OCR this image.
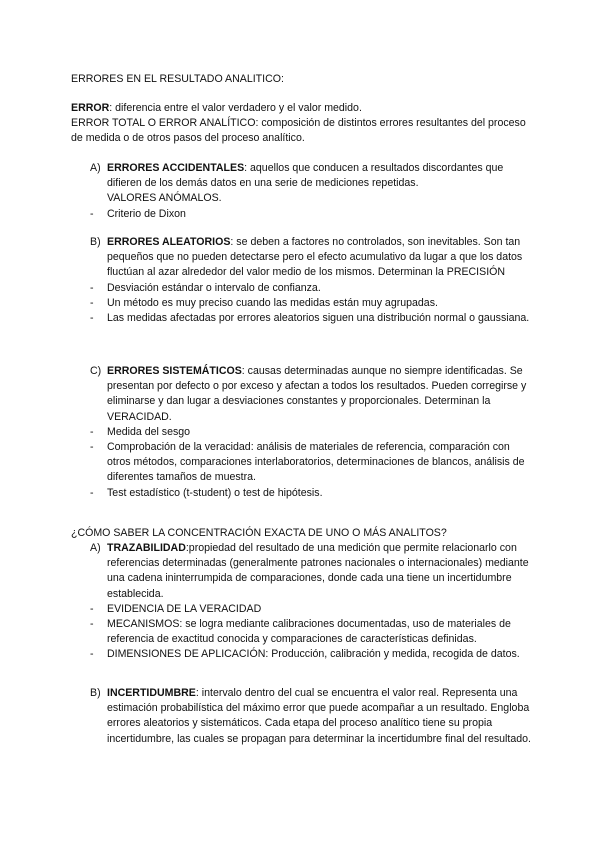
ERRORES EN EL RESULTADO ANALITICO:

ERROR: diferencia entre el valor verdadero y el valor medido.

ERROR TOTAL O ERROR ANALÍTICO: composición de distintos errores resultantes del proceso de medida o de otros pasos del proceso analítico.

A) ERRORES ACCIDENTALES: aquellos que conducen a resultados discordantes que difieren de los demás datos en una serie de mediciones repetidas.

VALORES ANÓMALOS.

- Criterio de Dixon

B) ERRORES ALEATORIOS: se deben a factores no controlados, son inevitables. Son tan pequeños que no pueden detectarse pero el efecto acumulativo da lugar a que los datos fluctúan al azar alrededor del valor medio de los mismos. Determinan la PRECISIÓN

- Desviación estándar o intervalo de confianza.

- Un método es muy preciso cuando las medidas están muy agrupadas.

- Las medidas afectadas por errores aleatorios siguen una distribución normal o gaussiana.

C) ERRORES SISTEMÁTICOS: causas determinadas aunque no siempre identificadas. Se presentan por defecto o por exceso y afectan a todos los resultados. Pueden corregirse y eliminarse y dan lugar a desviaciones constantes y proporcionales. Determinan la VERACIDAD.

- Medida del sesgo

- Comprobación de la veracidad: análisis de materiales de referencia, comparación con otros métodos, comparaciones interlaboratorios, determinaciones de blancos, análisis de diferentes tamaños de muestra.

- Test estadístico (t-student) o test de hipótesis.

¿CÓMO SABER LA CONCENTRACIÓN EXACTA DE UNO O MÁS ANALITOS?

A) TRAZABILIDAD:propiedad del resultado de una medición que permite relacionarlo con referencias determinadas (generalmente patrones nacionales o internacionales) mediante una cadena ininterrumpida de comparaciones, donde cada una tiene un incertidumbre establecida.

- EVIDENCIA DE LA VERACIDAD

- MECANISMOS: se logra mediante calibraciones documentadas, uso de materiales de referencia de exactitud conocida y comparaciones de características definidas.

- DIMENSIONES DE APLICACIÓN: Producción, calibración y medida, recogida de datos.

B) INCERTIDUMBRE: intervalo dentro del cual se encuentra el valor real. Representa una estimación probabilística del máximo error que puede acompañar a un resultado. Engloba errores aleatorios y sistemáticos. Cada etapa del proceso analítico tiene su propia incertidumbre, las cuales se propagan para determinar la incertidumbre final del resultado.
